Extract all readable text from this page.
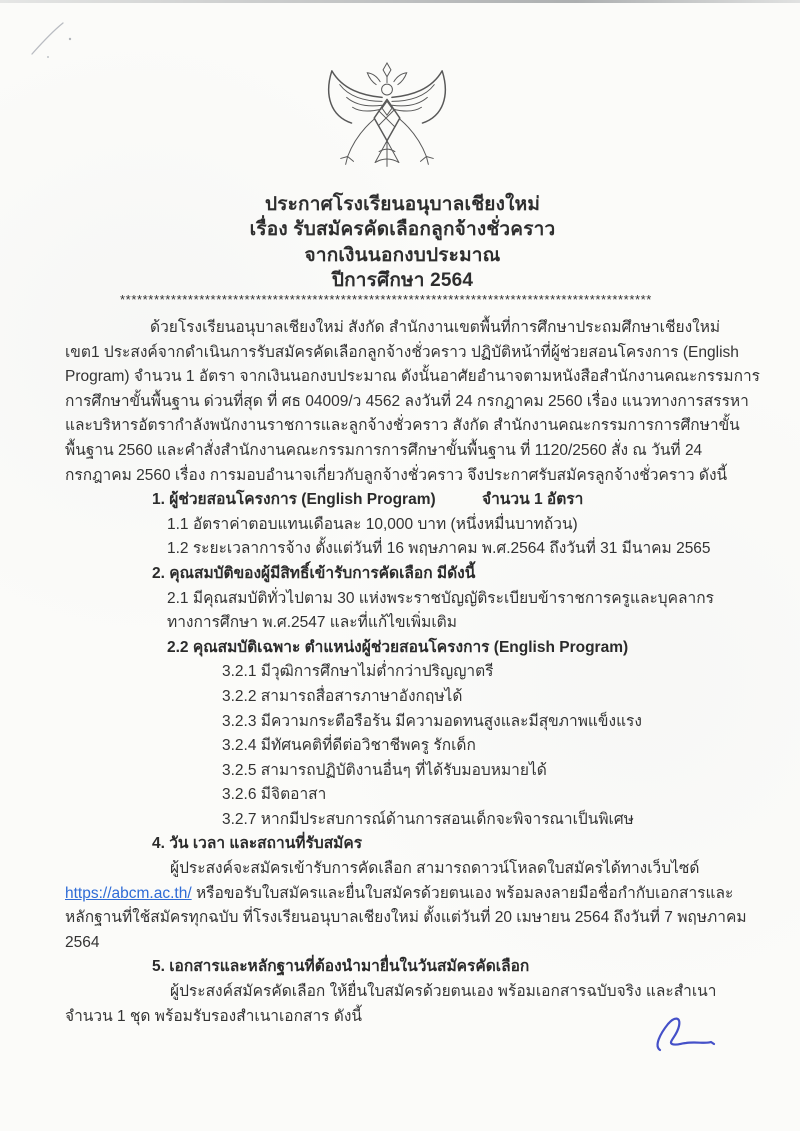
ประกาศโรงเรียนอนุบาลเชียงใหม่
เรื่อง รับสมัครคัดเลือกลูกจ้างชั่วคราว
จากเงินนอกงบประมาณ
ปีการศึกษา 2564
**********************************************************************************************
ด้วยโรงเรียนอนุบาลเชียงใหม่ สังกัด สำนักงานเขตพื้นที่การศึกษาประถมศึกษาเชียงใหม่
เขต1 ประสงค์จากดำเนินการรับสมัครคัดเลือกลูกจ้างชั่วคราว ปฏิบัติหน้าที่ผู้ช่วยสอนโครงการ (English
Program) จำนวน 1 อัตรา จากเงินนอกงบประมาณ ดังนั้นอาศัยอำนาจตามหนังสือสำนักงานคณะกรรมการ
การศึกษาขั้นพื้นฐาน ด่วนที่สุด ที่ ศธ 04009/ว 4562 ลงวันที่ 24 กรกฎาคม 2560 เรื่อง แนวทางการสรรหา
และบริหารอัตรากำลังพนักงานราชการและลูกจ้างชั่วคราว สังกัด สำนักงานคณะกรรมการการศึกษาขั้น
พื้นฐาน 2560 และคำสั่งสำนักงานคณะกรรมการการศึกษาขั้นพื้นฐาน ที่ 1120/2560 สั่ง ณ วันที่ 24
กรกฎาคม 2560 เรื่อง การมอบอำนาจเกี่ยวกับลูกจ้างชั่วคราว จึงประกาศรับสมัครลูกจ้างชั่วคราว ดังนี้
1. ผู้ช่วยสอนโครงการ (English Program)	จำนวน 1 อัตรา
1.1 อัตราค่าตอบแทนเดือนละ 10,000 บาท (หนึ่งหมื่นบาทถ้วน)
1.2 ระยะเวลาการจ้าง ตั้งแต่วันที่ 16 พฤษภาคม พ.ศ.2564 ถึงวันที่ 31 มีนาคม 2565
2. คุณสมบัติของผู้มีสิทธิ์เข้ารับการคัดเลือก มีดังนี้
2.1 มีคุณสมบัติทั่วไปตาม 30 แห่งพระราชบัญญัติระเบียบข้าราชการครูและบุคลากร
ทางการศึกษา พ.ศ.2547 และที่แก้ไขเพิ่มเติม
2.2 คุณสมบัติเฉพาะ ตำแหน่งผู้ช่วยสอนโครงการ (English Program)
3.2.1 มีวุฒิการศึกษาไม่ต่ำกว่าปริญญาตรี
3.2.2 สามารถสื่อสารภาษาอังกฤษได้
3.2.3 มีความกระตือรือร้น มีความอดทนสูงและมีสุขภาพแข็งแรง
3.2.4 มีทัศนคติที่ดีต่อวิชาชีพครู รักเด็ก
3.2.5 สามารถปฏิบัติงานอื่นๆ ที่ได้รับมอบหมายได้
3.2.6 มีจิตอาสา
3.2.7 หากมีประสบการณ์ด้านการสอนเด็กจะพิจารณาเป็นพิเศษ
4. วัน เวลา และสถานที่รับสมัคร
ผู้ประสงค์จะสมัครเข้ารับการคัดเลือก สามารถดาวน์โหลดใบสมัครได้ทางเว็บไซด์
https://abcm.ac.th/ หรือขอรับใบสมัครและยื่นใบสมัครด้วยตนเอง พร้อมลงลายมือชื่อกำกับเอกสารและ
หลักฐานที่ใช้สมัครทุกฉบับ ที่โรงเรียนอนุบาลเชียงใหม่ ตั้งแต่วันที่ 20 เมษายน 2564 ถึงวันที่ 7 พฤษภาคม
2564
5. เอกสารและหลักฐานที่ต้องนำมายื่นในวันสมัครคัดเลือก
ผู้ประสงค์สมัครคัดเลือก ให้ยื่นใบสมัครด้วยตนเอง พร้อมเอกสารฉบับจริง และสำเนา
จำนวน 1 ชุด พร้อมรับรองสำเนาเอกสาร ดังนี้
